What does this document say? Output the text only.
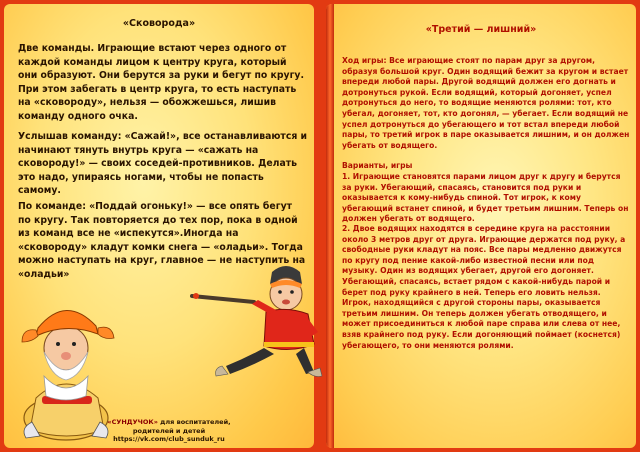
«Сковорода»

Две команды. Играющие встают через одного от каждой команды лицом к центру круга, который они образуют. Они берутся за руки и бегут по кругу. При этом забегать в центр круга, то есть наступать на «сковороду», нельзя — обожжешься, лишив команду одного очка.

Услышав команду: «Сажай!», все останавливаются и начинают тянуть внутрь круга — «сажать на сковороду!» — своих соседей-противников. Делать это надо, упираясь ногами, чтобы не попасть самому.

По команде: «Поддай огоньку!» — все опять бегут по кругу. Так повторяется до тех пор, пока в одной из команд все не «испекутся».Иногда на «сковороду» кладут комки снега — «оладьи». Тогда можно наступать на круг, главное — не наступить на «оладьи»

«СУНДУЧОК» для воспитателей,
родителей и детей
https://vk.com/club_sunduk_ru
«Третий — лишний»

Ход игры: Все играющие стоят по парам друг за другом, образуя большой круг. Один водящий бежит за кругом и встает впереди любой пары. Другой водящий должен его догнать и дотронуться рукой. Если водящий, который догоняет, успел дотронуться до него, то водящие меняются ролями: тот, кто убегал, догоняет, тот, кто догонял, — убегает. Если водящий не успел дотронуться до убегающего и тот встал впереди любой пары, то третий игрок в паре оказывается лишним, и он должен убегать от водящего.

Варианты, игры

1. Играющие становятся парами лицом друг к другу и берутся за руки. Убегающий, спасаясь, становится под руки и оказывается к кому-нибудь спиной. Тот игрок, к кому убегающий встанет спиной, и будет третьим лишним. Теперь он должен убегать от водящего.

2. Двое водящих находятся в середине круга на расстоянии около 3 метров друг от друга. Играющие держатся под руку, а свободные руки кладут на пояс. Все пары медленно движутся по кругу под пение какой-либо известной песни или под музыку. Один из водящих убегает, другой его догоняет. Убегающий, спасаясь, встает рядом с какой-нибудь парой и берет под руку крайнего в ней. Теперь его ловить нельзя. Игрок, находящийся с другой стороны пары, оказывается третьим лишним. Он теперь должен убегать отводящего, и может присоединиться к любой паре справа или слева от нее, взяв крайнего под руку. Если догоняющий поймает (коснется) убегающего, то они меняются ролями.
